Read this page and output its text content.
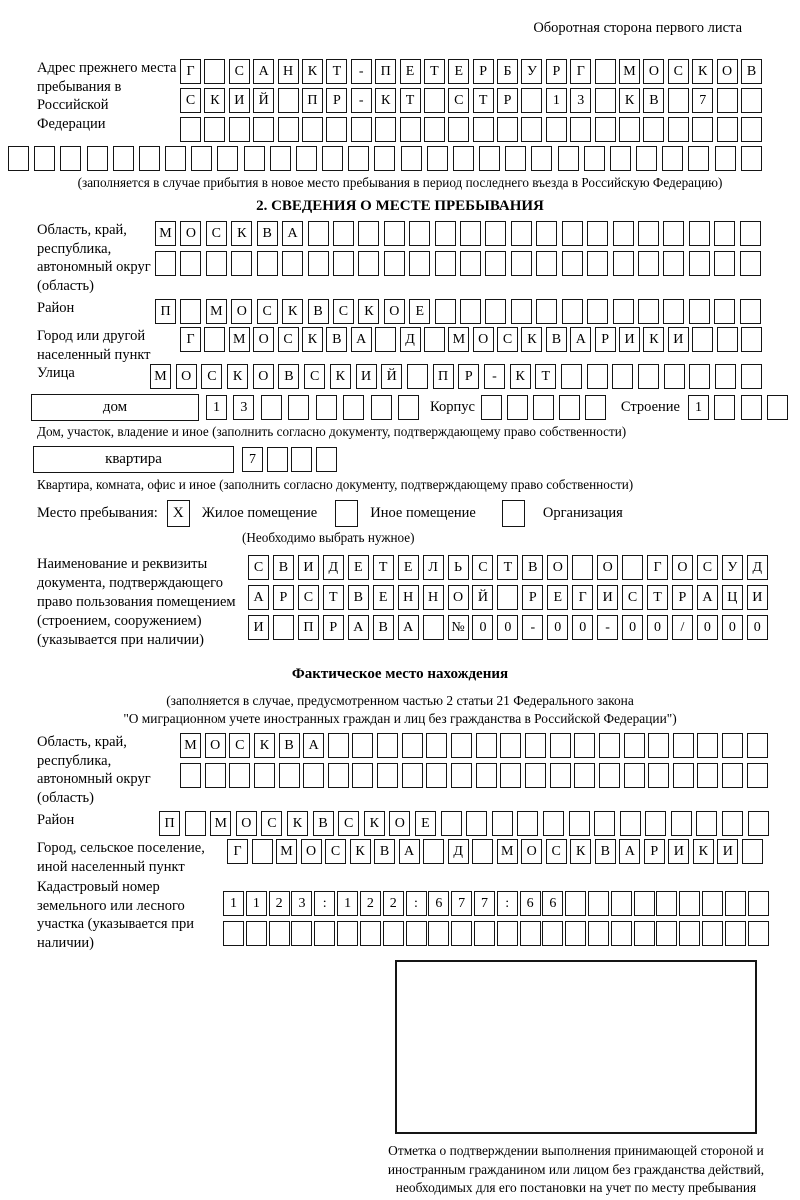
Оборотная сторона первого листа
Адрес прежнего места пребывания в Российской Федерации
Г	С	А	Н	К	Т	-	П	Е	Т	Е	Р	Б	У	Р	Г	М О	С	К	О	В
С	К	И	Й	П	Р	-	К	Т	С	Т	Р	1	3	К	В	7
(заполняется в случае прибытия в новое место пребывания в период последнего въезда в Российскую Федерацию)
2. СВЕДЕНИЯ О МЕСТЕ ПРЕБЫВАНИЯ
Область, край, республика, автономный округ (область)
М	О	С	К	В	А
Район	П	М	О	С	К	В	С	К	О	Е
Город или другой населенный пункт
Г	М О	С	К	В	А	Д	М О	С	К	В	А	Р	И	К	И
Улица	М	О	С	К	О	В	С	К	И	Й	П	Р	-	К	Т
дом	1	3	Корпус	Строение	1
Дом, участок, владение и иное (заполнить согласно документу, подтверждающему право собственности)
квартира	7
Квартира, комната, офис и иное (заполнить согласно документу, подтверждающему право собственности)
Место пребывания:	X	Жилое помещение	Иное помещение	Организация
(Необходимо выбрать нужное)
Наименование и реквизиты документа, подтверждающего право пользования помещением (строением, сооружением) (указывается при наличии)
С	В	И	Д	Е	Т	Е	Л	Ь	С	Т	В	О	О	Г	О	С	У	Д
А	Р	С	Т	В	Е	Н	Н	О	Й	Р	Е	Г	И	С	Т	Р	А	Ц	И
И	П	Р	А	В	А	№	0	0	-	0	0	-	0	0	/	0	0	0
Фактическое место нахождения
(заполняется в случае, предусмотренном частью 2 статьи 21 Федерального закона
"О миграционном учете иностранных граждан и лиц без гражданства в Российской Федерации")
Область, край, республика, автономный округ (область)
М О	С	К	В	А
Район	П	М	О	С	К	В	С	К	О	Е
Город, сельское поселение, иной населенный пункт
Г	М О	С	К	В	А	Д	М О	С	К	В	А	Р	И	К	И
Кадастровый номер земельного или лесного участка (указывается при наличии)
1	1	2	3	:	1	2	2	:	6	7	7	:	6	6
Отметка о подтверждении выполнения принимающей стороной и иностранным гражданином или лицом без гражданства действий, необходимых для его постановки на учет по месту пребывания
